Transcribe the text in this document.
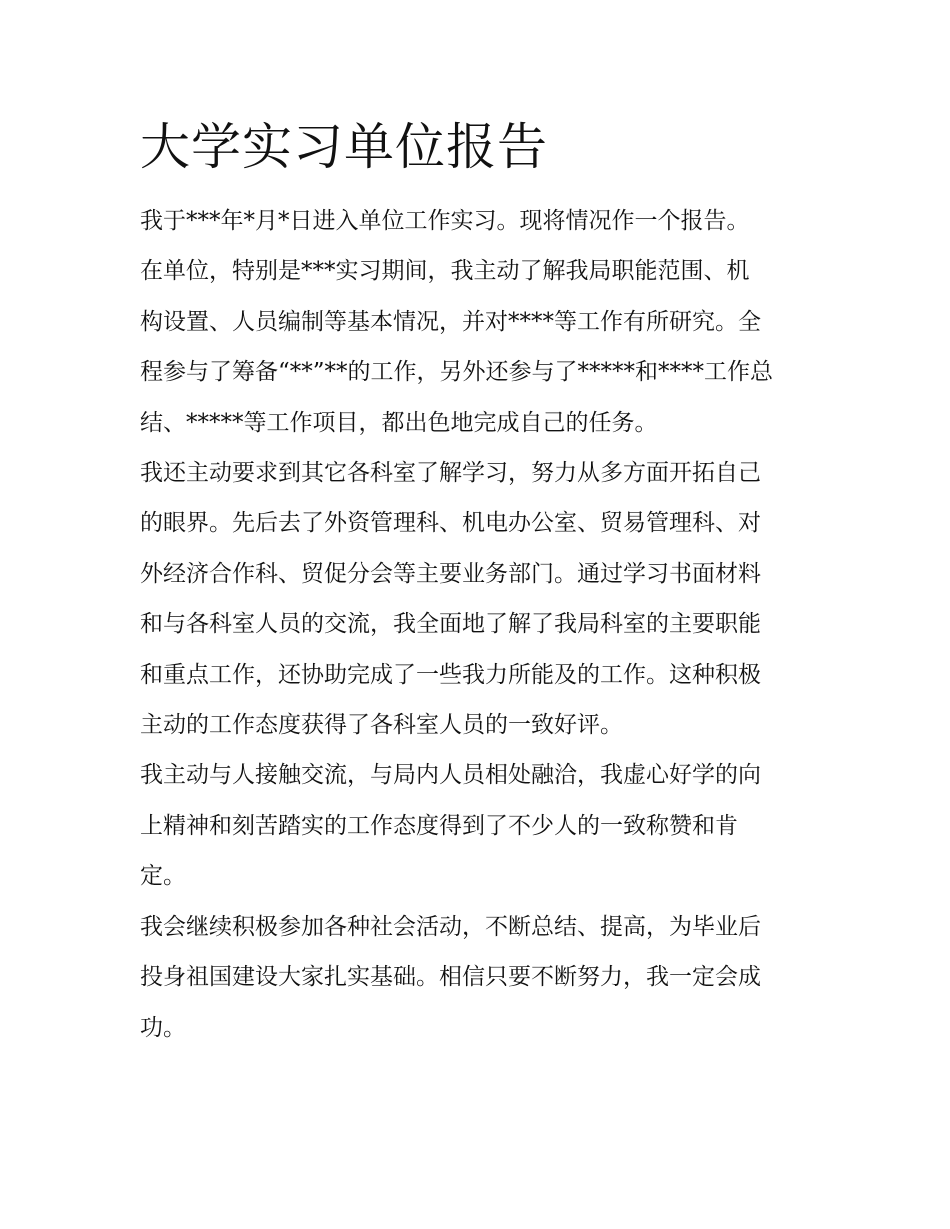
大学实习单位报告

我于***年*月*日进入单位工作实习。现将情况作一个报告。

在单位，特别是***实习期间，我主动了解我局职能范围、机
构设置、人员编制等基本情况，并对****等工作有所研究。全
程参与了筹备“**”**的工作，另外还参与了*****和****工作总
结、*****等工作项目，都出色地完成自己的任务。

我还主动要求到其它各科室了解学习，努力从多方面开拓自己
的眼界。先后去了外资管理科、机电办公室、贸易管理科、对
外经济合作科、贸促分会等主要业务部门。通过学习书面材料
和与各科室人员的交流，我全面地了解了我局科室的主要职能
和重点工作，还协助完成了一些我力所能及的工作。这种积极
主动的工作态度获得了各科室人员的一致好评。

我主动与人接触交流，与局内人员相处融洽，我虚心好学的向
上精神和刻苦踏实的工作态度得到了不少人的一致称赞和肯
定。

我会继续积极参加各种社会活动，不断总结、提高，为毕业后
投身祖国建设大家扎实基础。相信只要不断努力，我一定会成
功。
